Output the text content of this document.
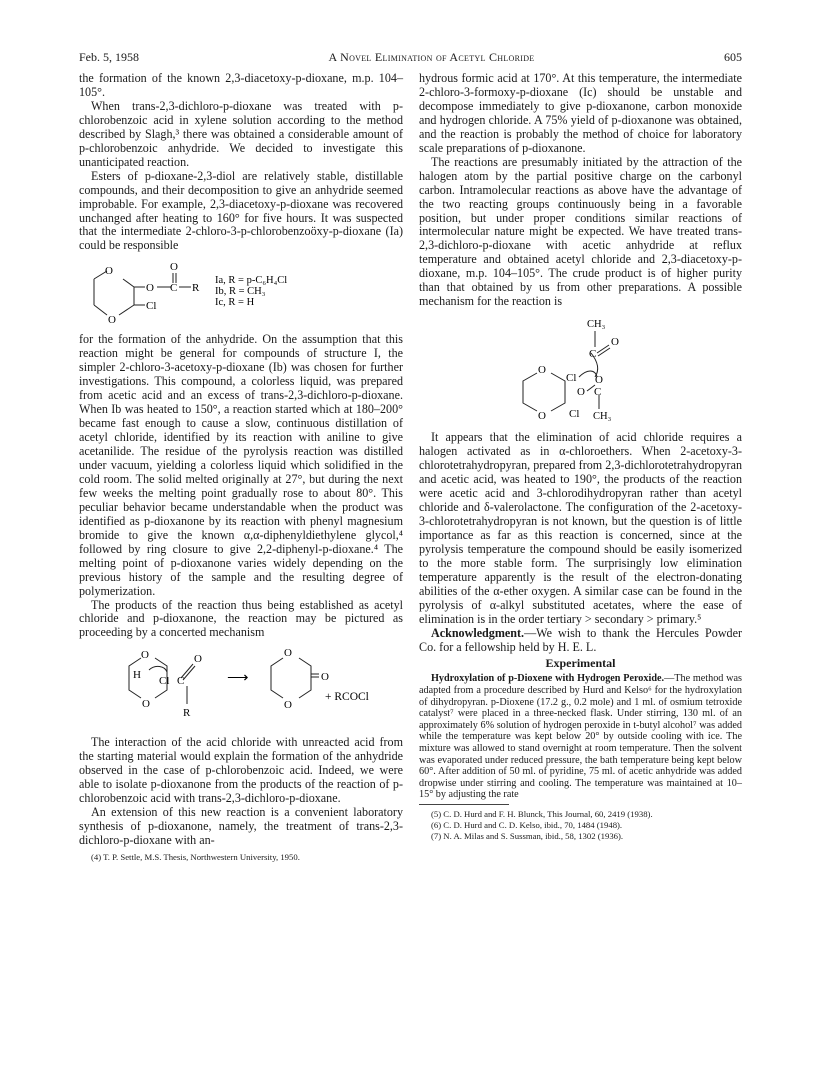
Feb. 5, 1958	A Novel Elimination of Acetyl Chloride	605

the formation of the known 2,3-diacetoxy-p-dioxane, m.p. 104–105°.

When trans-2,3-dichloro-p-dioxane was treated with p-chlorobenzoic acid in xylene solution according to the method described by Slagh,³ there was obtained a considerable amount of p-chlorobenzoic anhydride. We decided to investigate this unanticipated reaction.

Esters of p-dioxane-2,3-diol are relatively stable, distillable compounds, and their decomposition to give an anhydride seemed improbable. For example, 2,3-diacetoxy-p-dioxane was recovered unchanged after heating to 160° for five hours. It was suspected that the intermediate 2-chloro-3-p-chlorobenzoöxy-p-dioxane (Ia) could be responsible

O
O
O
O C R
Cl
Ia, R = p-C₆H₄Cl
Ib, R = CH₃
Ic, R = H

for the formation of the anhydride. On the assumption that this reaction might be general for compounds of structure I, the simpler 2-chloro-3-acetoxy-p-dioxane (Ib) was chosen for further investigations. This compound, a colorless liquid, was prepared from acetic acid and an excess of trans-2,3-dichloro-p-dioxane. When Ib was heated to 150°, a reaction started which at 180–200° became fast enough to cause a slow, continuous distillation of acetyl chloride, identified by its reaction with aniline to give acetanilide. The residue of the pyrolysis reaction was distilled under vacuum, yielding a colorless liquid which solidified in the cold room. The solid melted originally at 27°, but during the next few weeks the melting point gradually rose to about 80°. This peculiar behavior became understandable when the product was identified as p-dioxanone by its reaction with phenyl magnesium bromide to give the known α,α-diphenyldiethylene glycol,⁴ followed by ring closure to give 2,2-diphenyl-p-dioxane.⁴ The melting point of p-dioxanone varies widely depending on the previous history of the sample and the resulting degree of polymerization.

The products of the reaction thus being established as acetyl chloride and p-dioxanone, the reaction may be pictured as proceeding by a concerted mechanism

O
O
H Cl C
O
R
⟶
O
O
O
+ RCOCl

The interaction of the acid chloride with unreacted acid from the starting material would explain the formation of the anhydride observed in the case of p-chlorobenzoic acid. Indeed, we were able to isolate p-dioxanone from the products of the reaction of p-chlorobenzoic acid with trans-2,3-dichloro-p-dioxane.

An extension of this new reaction is a convenient laboratory synthesis of p-dioxanone, namely, the treatment of trans-2,3-dichloro-p-dioxane with an-

(4) T. P. Settle, M.S. Thesis, Northwestern University, 1950.

hydrous formic acid at 170°. At this temperature, the intermediate 2-chloro-3-formoxy-p-dioxane (Ic) should be unstable and decompose immediately to give p-dioxanone, carbon monoxide and hydrogen chloride. A 75% yield of p-dioxanone was obtained, and the reaction is probably the method of choice for laboratory scale preparations of p-dioxanone.

The reactions are presumably initiated by the attraction of the halogen atom by the partial positive charge on the carbonyl carbon. Intramolecular reactions as above have the advantage of the two reacting groups continuously being in a favorable position, but under proper conditions similar reactions of intermolecular nature might be expected. We have treated trans-2,3-dichloro-p-dioxane with acetic anhydride at reflux temperature and obtained acetyl chloride and 2,3-diacetoxy-p-dioxane, m.p. 104–105°. The crude product is of higher purity than that obtained by us from other preparations. A possible mechanism for the reaction is

CH₃
C
O
O
O
Cl O
O C
Cl CH₃

It appears that the elimination of acid chloride requires a halogen activated as in α-chloroethers. When 2-acetoxy-3-chlorotetrahydropyran, prepared from 2,3-dichlorotetrahydropyran and acetic acid, was heated to 190°, the products of the reaction were acetic acid and 3-chlorodihydropyran rather than acetyl chloride and δ-valerolactone. The configuration of the 2-acetoxy-3-chlorotetrahydropyran is not known, but the question is of little importance as far as this reaction is concerned, since at the pyrolysis temperature the compound should be easily isomerized to the more stable form. The surprisingly low elimination temperature apparently is the result of the electron-donating abilities of the α-ether oxygen. A similar case can be found in the pyrolysis of α-alkyl substituted acetates, where the ease of elimination is in the order tertiary > secondary > primary.⁵

Acknowledgment.—We wish to thank the Hercules Powder Co. for a fellowship held by H. E. L.

Experimental

Hydroxylation of p-Dioxene with Hydrogen Peroxide.—The method was adapted from a procedure described by Hurd and Kelso⁶ for the hydroxylation of dihydropyran. p-Dioxene (17.2 g., 0.2 mole) and 1 ml. of osmium tetroxide catalyst⁷ were placed in a three-necked flask. Under stirring, 130 ml. of an approximately 6% solution of hydrogen peroxide in t-butyl alcohol⁷ was added while the temperature was kept below 20° by outside cooling with ice. The mixture was allowed to stand overnight at room temperature. Then the solvent was evaporated under reduced pressure, the bath temperature being kept below 60°. After addition of 50 ml. of pyridine, 75 ml. of acetic anhydride was added dropwise under stirring and cooling. The temperature was maintained at 10–15° by adjusting the rate

(5) C. D. Hurd and F. H. Blunck, This Journal, 60, 2419 (1938).

(6) C. D. Hurd and C. D. Kelso, ibid., 70, 1484 (1948).

(7) N. A. Milas and S. Sussman, ibid., 58, 1302 (1936).
